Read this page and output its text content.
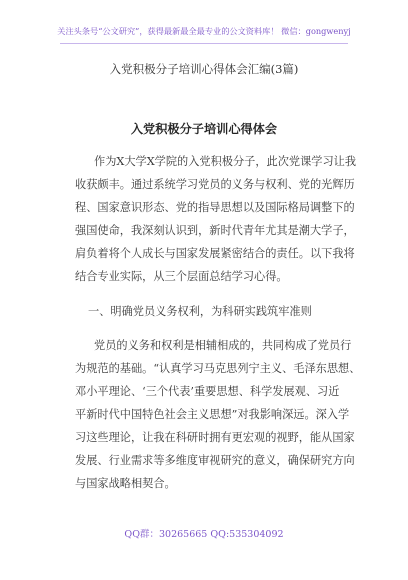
关注头条号“公文研究”，获得最新最全最专业的公文资料库！ 微信：gongwenyj
入党积极分子培训心得体会汇编(3篇)
入党积极分子培训心得体会
作为X大学X学院的入党积极分子，此次党课学习让我
收获颇丰。通过系统学习党员的义务与权利、党的光辉历
程、国家意识形态、党的指导思想以及国际格局调整下的
强国使命，我深刻认识到，新时代青年尤其是潮大学子，
肩负着将个人成长与国家发展紧密结合的责任。以下我将
结合专业实际，从三个层面总结学习心得。
一、明确党员义务权利，为科研实践筑牢准则
党员的义务和权利是相辅相成的，共同构成了党员行
为规范的基础。“认真学习马克思列宁主义、毛泽东思想、
邓小平理论、‘三个代表’重要思想、科学发展观、习近
平新时代中国特色社会主义思想”对我影响深远。深入学
习这些理论，让我在科研时拥有更宏观的视野，能从国家
发展、行业需求等多维度审视研究的意义，确保研究方向
与国家战略相契合。
QQ群：30265665 QQ:535304092
